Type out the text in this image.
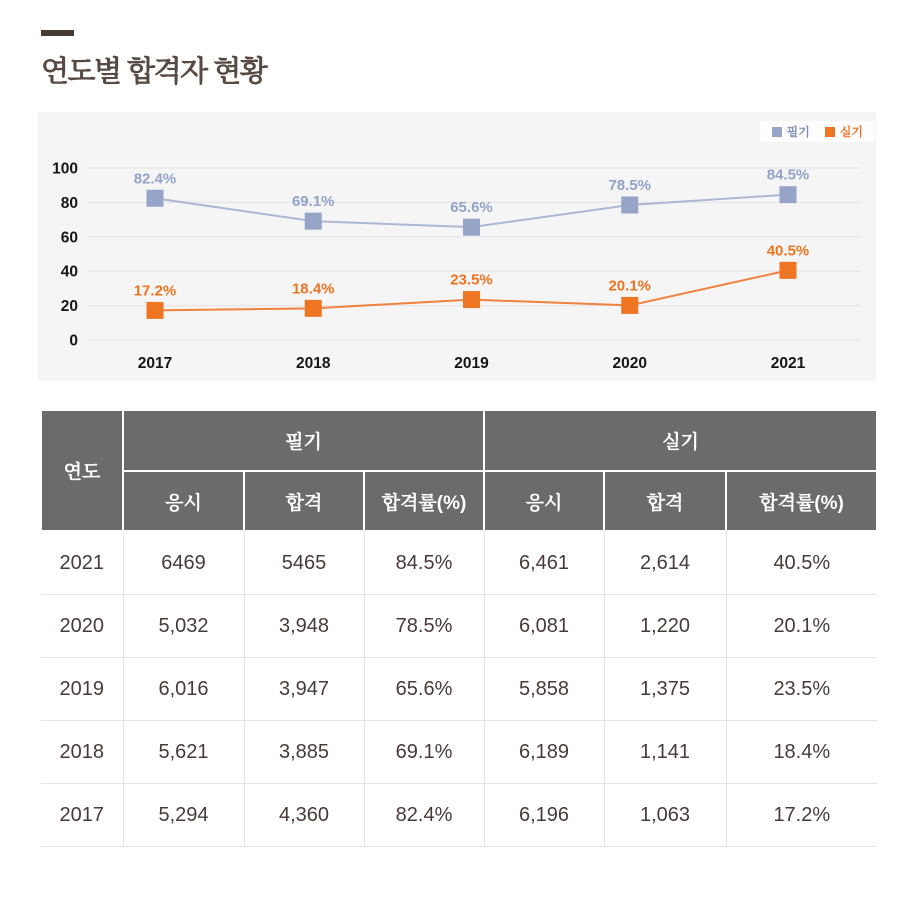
연도별 합격자 현황
0
20
40
60
80
100
2017	2018	2019	2020	2021
82.4%
69.1%	65.6%
78.5%
84.5%
17.2%	18.4%
23.5%	20.1%
40.5%
필기	실기
연도	필기			실기		
	응시	합격	합격률(%)	응시	합격	합격률(%)
2021	6469	5465	84.5%	6,461	2,614	40.5%
2020	5,032	3,948	78.5%	6,081	1,220	20.1%
2019	6,016	3,947	65.6%	5,858	1,375	23.5%
2018	5,621	3,885	69.1%	6,189	1,141	18.4%
2017	5,294	4,360	82.4%	6,196	1,063	17.2%
